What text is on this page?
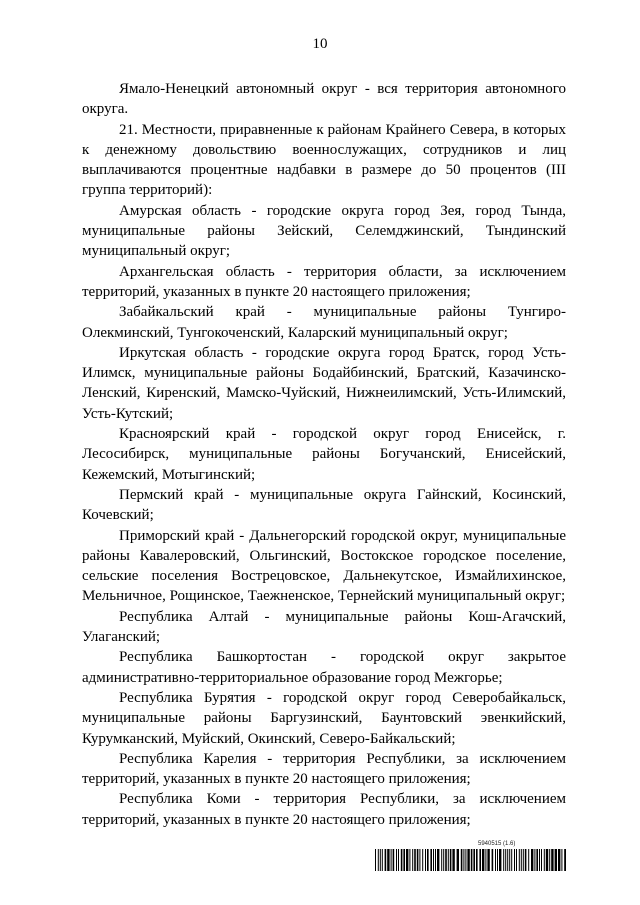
10

Ямало-Ненецкий автономный округ - вся территория автономного округа.

21. Местности, приравненные к районам Крайнего Севера, в которых к денежному довольствию военнослужащих, сотрудников и лиц выплачиваются процентные надбавки в размере до 50 процентов (III группа территорий):

Амурская область - городские округа город Зея, город Тында, муниципальные районы Зейский, Селемджинский, Тындинский муниципальный округ;

Архангельская область - территория области, за исключением территорий, указанных в пункте 20 настоящего приложения;

Забайкальский край - муниципальные районы Тунгиро-Олекминский, Тунгокоченский, Каларский муниципальный округ;

Иркутская область - городские округа город Братск, город Усть-Илимск, муниципальные районы Бодайбинский, Братский, Казачинско-Ленский, Киренский, Мамско-Чуйский, Нижнеилимский, Усть-Илимский, Усть-Кутский;

Красноярский край - городской округ город Енисейск, г. Лесосибирск, муниципальные районы Богучанский, Енисейский, Кежемский, Мотыгинский;

Пермский край - муниципальные округа Гайнский, Косинский, Кочевский;

Приморский край - Дальнегорский городской округ, муниципальные районы Кавалеровский, Ольгинский, Востокское городское поселение, сельские поселения Вострецовское, Дальнекутское, Измайлихинское, Мельничное, Рощинское, Таежненское, Тернейский муниципальный округ;

Республика Алтай - муниципальные районы Кош-Агачский, Улаганский;

Республика Башкортостан - городской округ закрытое административно-территориальное образование город Межгорье;

Республика Бурятия - городской округ город Северобайкальск, муниципальные районы Баргузинский, Баунтовский эвенкийский, Курумканский, Муйский, Окинский, Северо-Байкальский;

Республика Карелия - территория Республики, за исключением территорий, указанных в пункте 20 настоящего приложения;

Республика Коми - территория Республики, за исключением территорий, указанных в пункте 20 настоящего приложения;

5940515 (1.6)
